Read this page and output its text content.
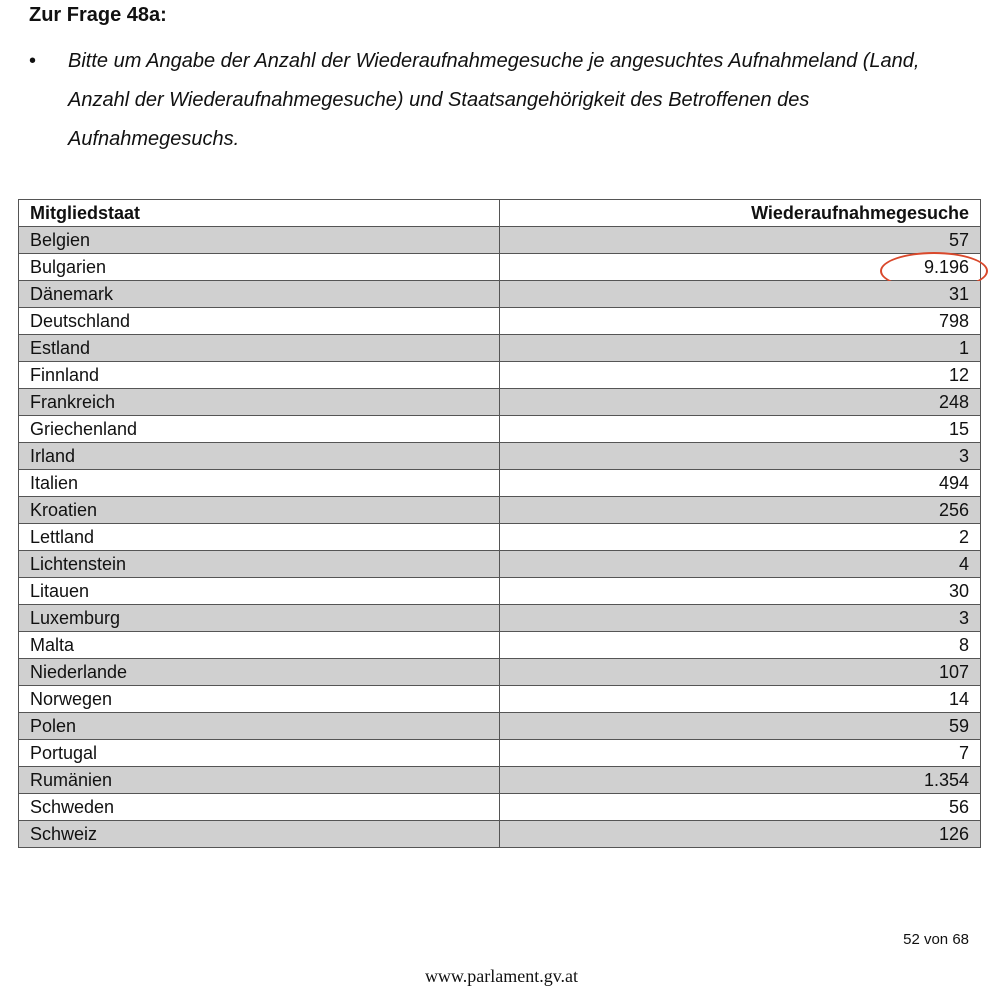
Zur Frage 48a:
• Bitte um Angabe der Anzahl der Wiederaufnahmegesuche je angesuchtes Aufnahmeland (Land, Anzahl der Wiederaufnahmegesuche) und Staatsangehörigkeit des Betroffenen des Aufnahmegesuchs.

Mitgliedstaat	Wiederaufnahmegesuche
Belgien	57
Bulgarien	9.196

Dänemark	31
Deutschland	798
Estland	1
Finnland	12
Frankreich	248
Griechenland	15
Irland	3
Italien	494
Kroatien	256
Lettland	2
Lichtenstein	4
Litauen	30
Luxemburg	3
Malta	8
Niederlande	107
Norwegen	14
Polen	59
Portugal	7
Rumänien	1.354
Schweden	56
Schweiz	126
52 von 68
www.parlament.gv.at
